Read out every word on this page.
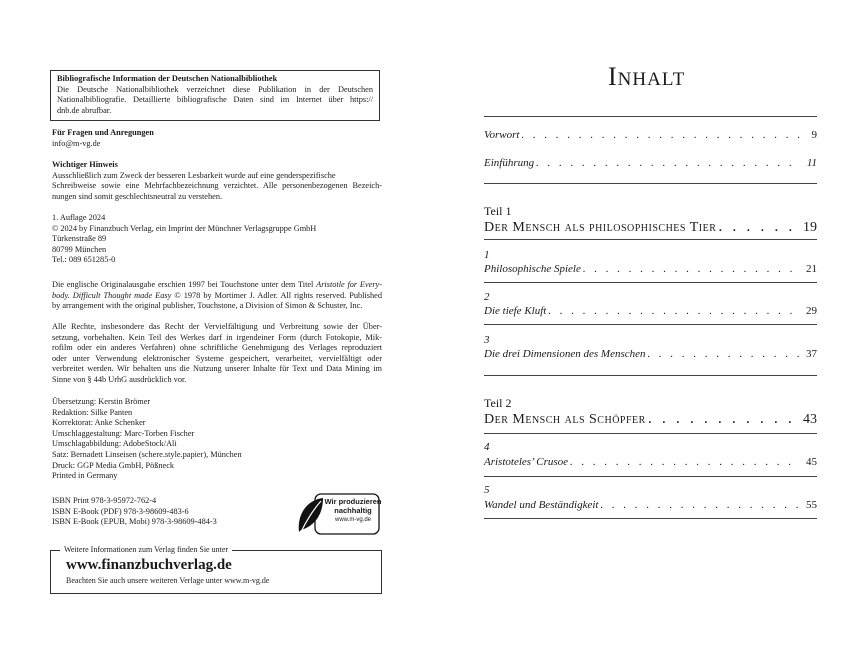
Bibliografische Information der Deutschen Nationalbibliothek
Die Deutsche Nationalbibliothek verzeichnet diese Publikation in der Deutschen
Nationalbibliografie. Detaillierte bibliografische Daten sind im Internet über https://
dnb.de abrufbar.
Für Fragen und Anregungen
info@m-vg.de
Wichtiger Hinweis
Ausschließlich zum Zweck der besseren Lesbarkeit wurde auf eine genderspezifische
Schreibweise sowie eine Mehrfachbezeichnung verzichtet. Alle personenbezogenen Bezeich-
nungen sind somit geschlechtsneutral zu verstehen.
1. Auflage 2024
© 2024 by Finanzbuch Verlag, ein Imprint der Münchner Verlagsgruppe GmbH
Türkenstraße 89
80799 München
Tel.: 089 651285-0
Die englische Originalausgabe erschien 1997 bei Touchstone unter dem Titel Aristotle for Every-
body. Difficult Thought made Easy © 1978 by Mortimer J. Adler. All rights reserved. Published
by arrangement with the original publisher, Touchstone, a Division of Simon & Schuster, Inc.
Alle Rechte, insbesondere das Recht der Vervielfältigung und Verbreitung sowie der Über-
setzung, vorbehalten. Kein Teil des Werkes darf in irgendeiner Form (durch Fotokopie, Mik-
rofilm oder ein anderes Verfahren) ohne schriftliche Genehmigung des Verlages reproduziert
oder unter Verwendung elektronischer Systeme gespeichert, verarbeitet, vervielfältigt oder
verbreitet werden. Wir behalten uns die Nutzung unserer Inhalte für Text und Data Mining im
Sinne von § 44b UrhG ausdrücklich vor.
Übersetzung: Kerstin Brömer
Redaktion: Silke Panten
Korrektorat: Anke Schenker
Umschlaggestaltung: Marc-Torben Fischer
Umschlagabbildung: AdobeStock/Ali
Satz: Bernadett Linseisen (schere.style.papier), München
Druck: GGP Media GmbH, Pößneck
Printed in Germany
ISBN Print 978-3-95972-762-4
ISBN E-Book (PDF) 978-3-98609-483-6
ISBN E-Book (EPUB, Mobi) 978-3-98609-484-3
Wir produzieren
nachhaltig
www.m-vg.de
Weitere Informationen zum Verlag finden Sie unter
www.finanzbuchverlag.de
Beachten Sie auch unsere weiteren Verlage unter www.m-vg.de
INHALT
Vorwort . . .	9
Einführung . . .	11
Teil 1
Der Mensch als philosophisches Tier . . .	19
1
Philosophische Spiele . . .	21
2
Die tiefe Kluft . . .	29
3
Die drei Dimensionen des Menschen . . .	37
Teil 2
Der Mensch als Schöpfer . . .	43
4
Aristoteles’ Crusoe . . .	45
5
Wandel und Beständigkeit . . .	55
